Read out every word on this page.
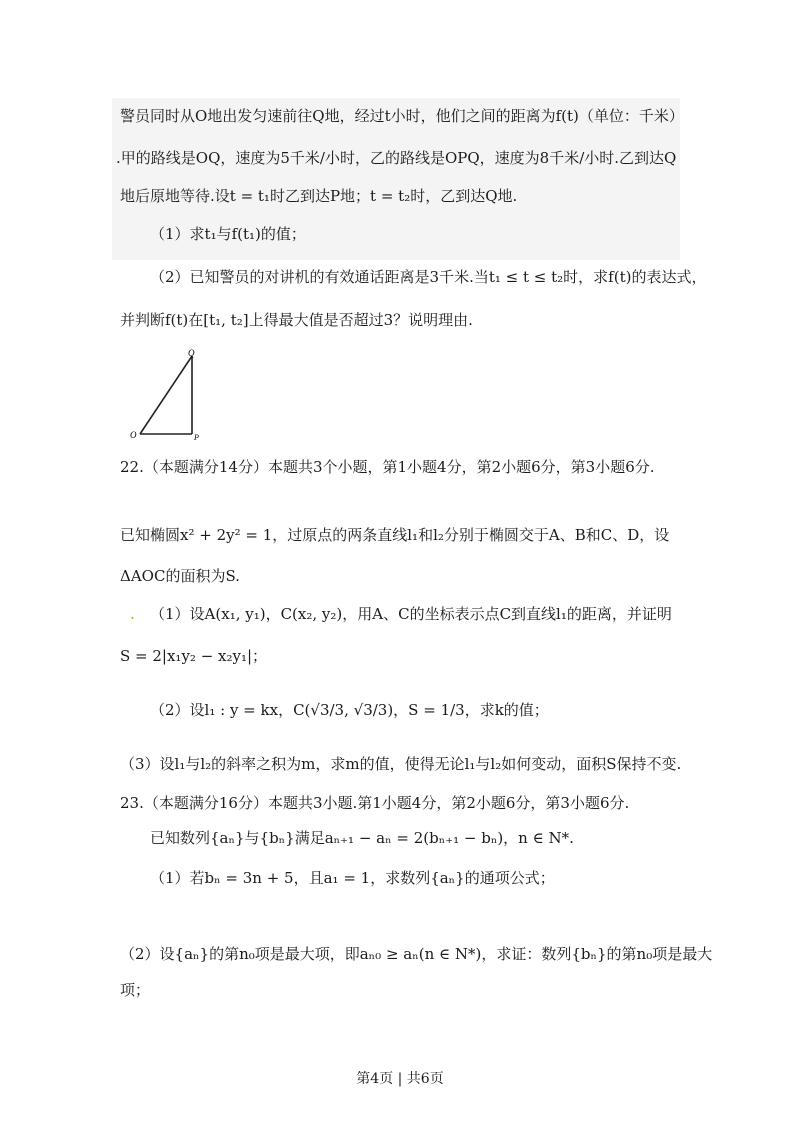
警员同时从O地出发匀速前往Q地，经过t小时，他们之间的距离为f(t)（单位：千米）
.甲的路线是OQ，速度为5千米/小时，乙的路线是OPQ，速度为8千米/小时.乙到达Q
地后原地等待.设t = t₁时乙到达P地；t = t₂时，乙到达Q地.
（1）求t₁与f(t₁)的值；
（2）已知警员的对讲机的有效通话距离是3千米.当t₁ ≤ t ≤ t₂时，求f(t)的表达式，
并判断f(t)在[t₁, t₂]上得最大值是否超过3？说明理由.
Q
O	P
22.（本题满分14分）本题共3个小题，第1小题4分，第2小题6分，第3小题6分.
已知椭圆x² + 2y² = 1，过原点的两条直线l₁和l₂分别于椭圆交于A、B和C、D，设
ΔAOC的面积为S.
. （1）设A(x₁, y₁)，C(x₂, y₂)，用A、C的坐标表示点C到直线l₁的距离，并证明
S = 2|x₁y₂ − x₂y₁|；
（2）设l₁ : y = kx，C(√3/3, √3/3)，S = 1/3，求k的值；
（3）设l₁与l₂的斜率之积为m，求m的值，使得无论l₁与l₂如何变动，面积S保持不变.
23.（本题满分16分）本题共3小题.第1小题4分，第2小题6分，第3小题6分.
已知数列{aₙ}与{bₙ}满足aₙ₊₁ − aₙ = 2(bₙ₊₁ − bₙ)，n ∈ N*.
（1）若bₙ = 3n + 5，且a₁ = 1，求数列{aₙ}的通项公式；
（2）设{aₙ}的第n₀项是最大项，即aₙ₀ ≥ aₙ(n ∈ N*)，求证：数列{bₙ}的第n₀项是最大
项；
第4页 | 共6页
